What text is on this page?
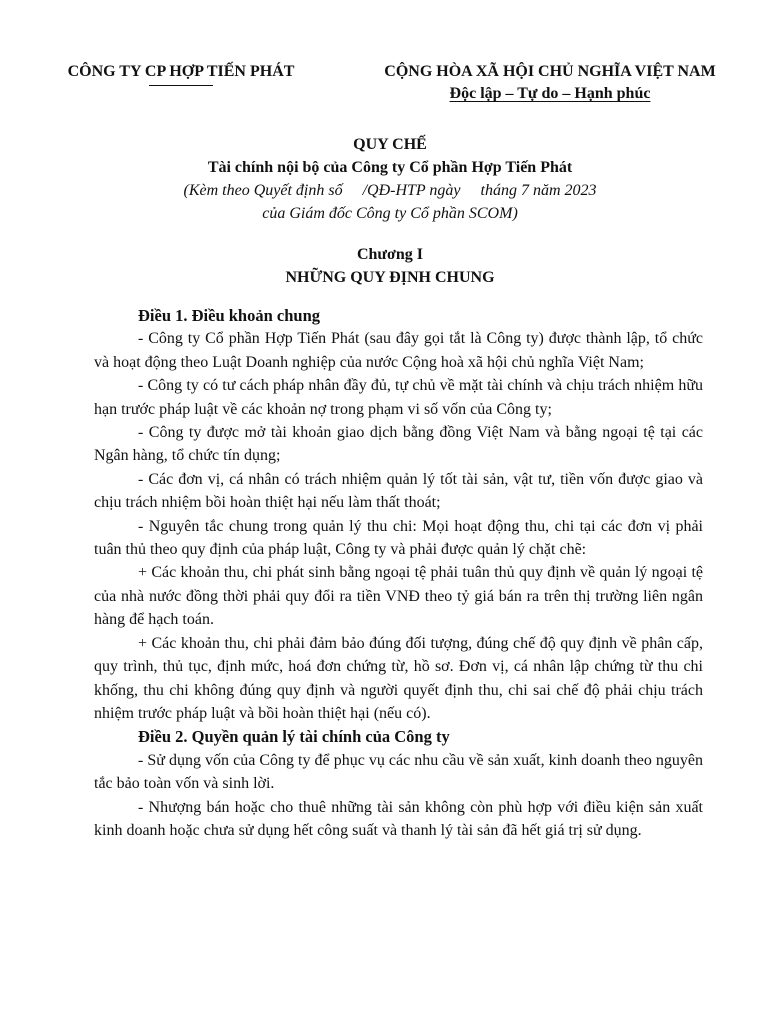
CÔNG TY CP HỢP TIẾN PHÁT	CỘNG HÒA XÃ HỘI CHỦ NGHĨA VIỆT NAM
Độc lập – Tự do – Hạnh phúc
QUY CHẾ
Tài chính nội bộ của Công ty Cổ phần Hợp Tiến Phát
(Kèm theo Quyết định số     /QĐ-HTP ngày     tháng 7 năm 2023
của Giám đốc Công ty Cổ phần SCOM)
Chương I
NHỮNG QUY ĐỊNH CHUNG
Điều 1. Điều khoản chung

- Công ty Cổ phần Hợp Tiến Phát (sau đây gọi tắt là Công ty) được thành lập, tổ chức và hoạt động theo Luật Doanh nghiệp của nước Cộng hoà xã hội chủ nghĩa Việt Nam;

- Công ty có tư cách pháp nhân đầy đủ, tự chủ về mặt tài chính và chịu trách nhiệm hữu hạn trước pháp luật về các khoản nợ trong phạm vi số vốn của Công ty;

- Công ty được mở tài khoản giao dịch bằng đồng Việt Nam và bằng ngoại tệ tại các Ngân hàng, tổ chức tín dụng;

- Các đơn vị, cá nhân có trách nhiệm quản lý tốt tài sản, vật tư, tiền vốn được giao và chịu trách nhiệm bồi hoàn thiệt hại nếu làm thất thoát;

- Nguyên tắc chung trong quản lý thu chi: Mọi hoạt động thu, chi tại các đơn vị phải tuân thủ theo quy định của pháp luật, Công ty và phải được quản lý chặt chẽ:

+ Các khoản thu, chi phát sinh bằng ngoại tệ phải tuân thủ quy định về quản lý ngoại tệ của nhà nước đồng thời phải quy đổi ra tiền VNĐ theo tỷ giá bán ra trên thị trường liên ngân hàng để hạch toán.

+ Các khoản thu, chi phải đảm bảo đúng đối tượng, đúng chế độ quy định về phân cấp, quy trình, thủ tục, định mức, hoá đơn chứng từ, hồ sơ. Đơn vị, cá nhân lập chứng từ thu chi khống, thu chi không đúng quy định và người quyết định thu, chi sai chế độ phải chịu trách nhiệm trước pháp luật và bồi hoàn thiệt hại (nếu có).

Điều 2. Quyền quản lý tài chính của Công ty

- Sử dụng vốn của Công ty để phục vụ các nhu cầu về sản xuất, kinh doanh theo nguyên tắc bảo toàn vốn và sinh lời.

- Nhượng bán hoặc cho thuê những tài sản không còn phù hợp với điều kiện sản xuất kinh doanh hoặc chưa sử dụng hết công suất và thanh lý tài sản đã hết giá trị sử dụng.
